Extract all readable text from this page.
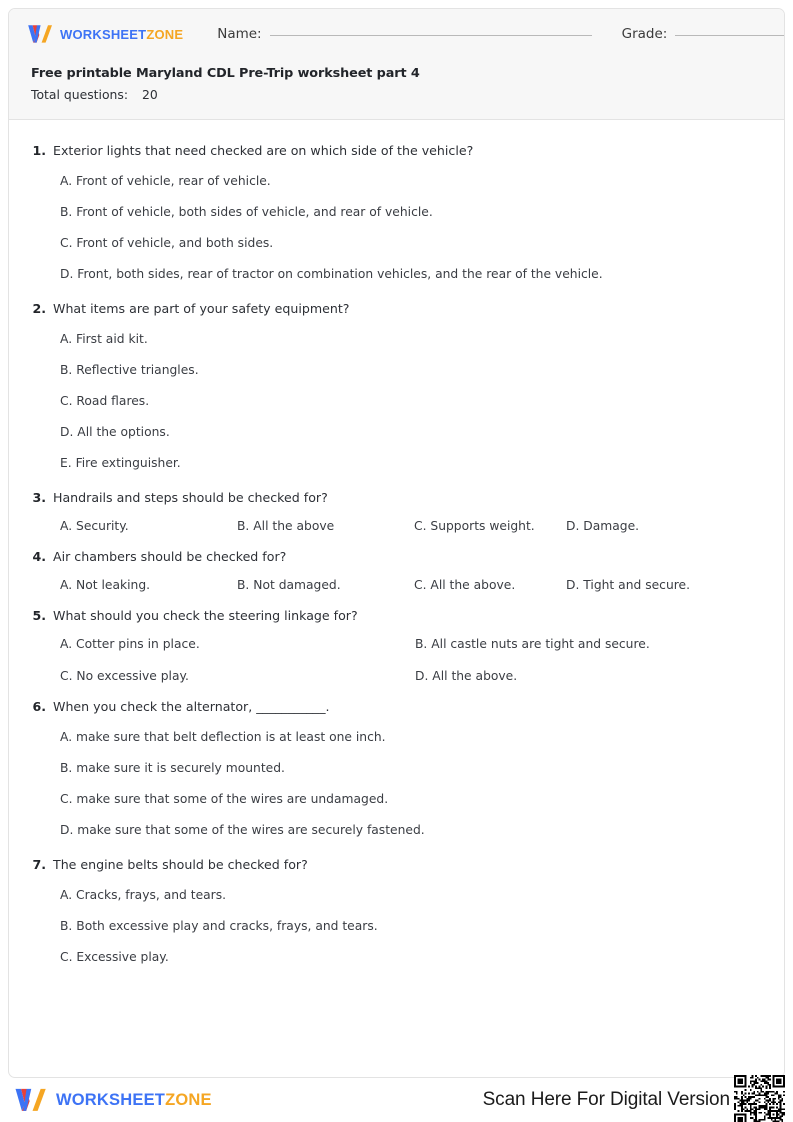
WORKSHEETZONE	Name:	Grade:
Free printable Maryland CDL Pre-Trip worksheet part 4
Total questions: 20
1. Exterior lights that need checked are on which side of the vehicle?
A. Front of vehicle, rear of vehicle.
B. Front of vehicle, both sides of vehicle, and rear of vehicle.
C. Front of vehicle, and both sides.
D. Front, both sides, rear of tractor on combination vehicles, and the rear of the vehicle.
2. What items are part of your safety equipment?
A. First aid kit.
B. Reflective triangles.
C. Road flares.
D. All the options.
E. Fire extinguisher.
3. Handrails and steps should be checked for?
A. Security.	B. All the above	C. Supports weight.	D. Damage.
4. Air chambers should be checked for?
A. Not leaking.	B. Not damaged.	C. All the above.	D. Tight and secure.
5. What should you check the steering linkage for?
A. Cotter pins in place.	B. All castle nuts are tight and secure.
C. No excessive play.	D. All the above.
6. When you check the alternator, ___________.
A. make sure that belt deflection is at least one inch.
B. make sure it is securely mounted.
C. make sure that some of the wires are undamaged.
D. make sure that some of the wires are securely fastened.
7. The engine belts should be checked for?
A. Cracks, frays, and tears.
B. Both excessive play and cracks, frays, and tears.
C. Excessive play.
WORKSHEETZONE	Scan Here For Digital Version
